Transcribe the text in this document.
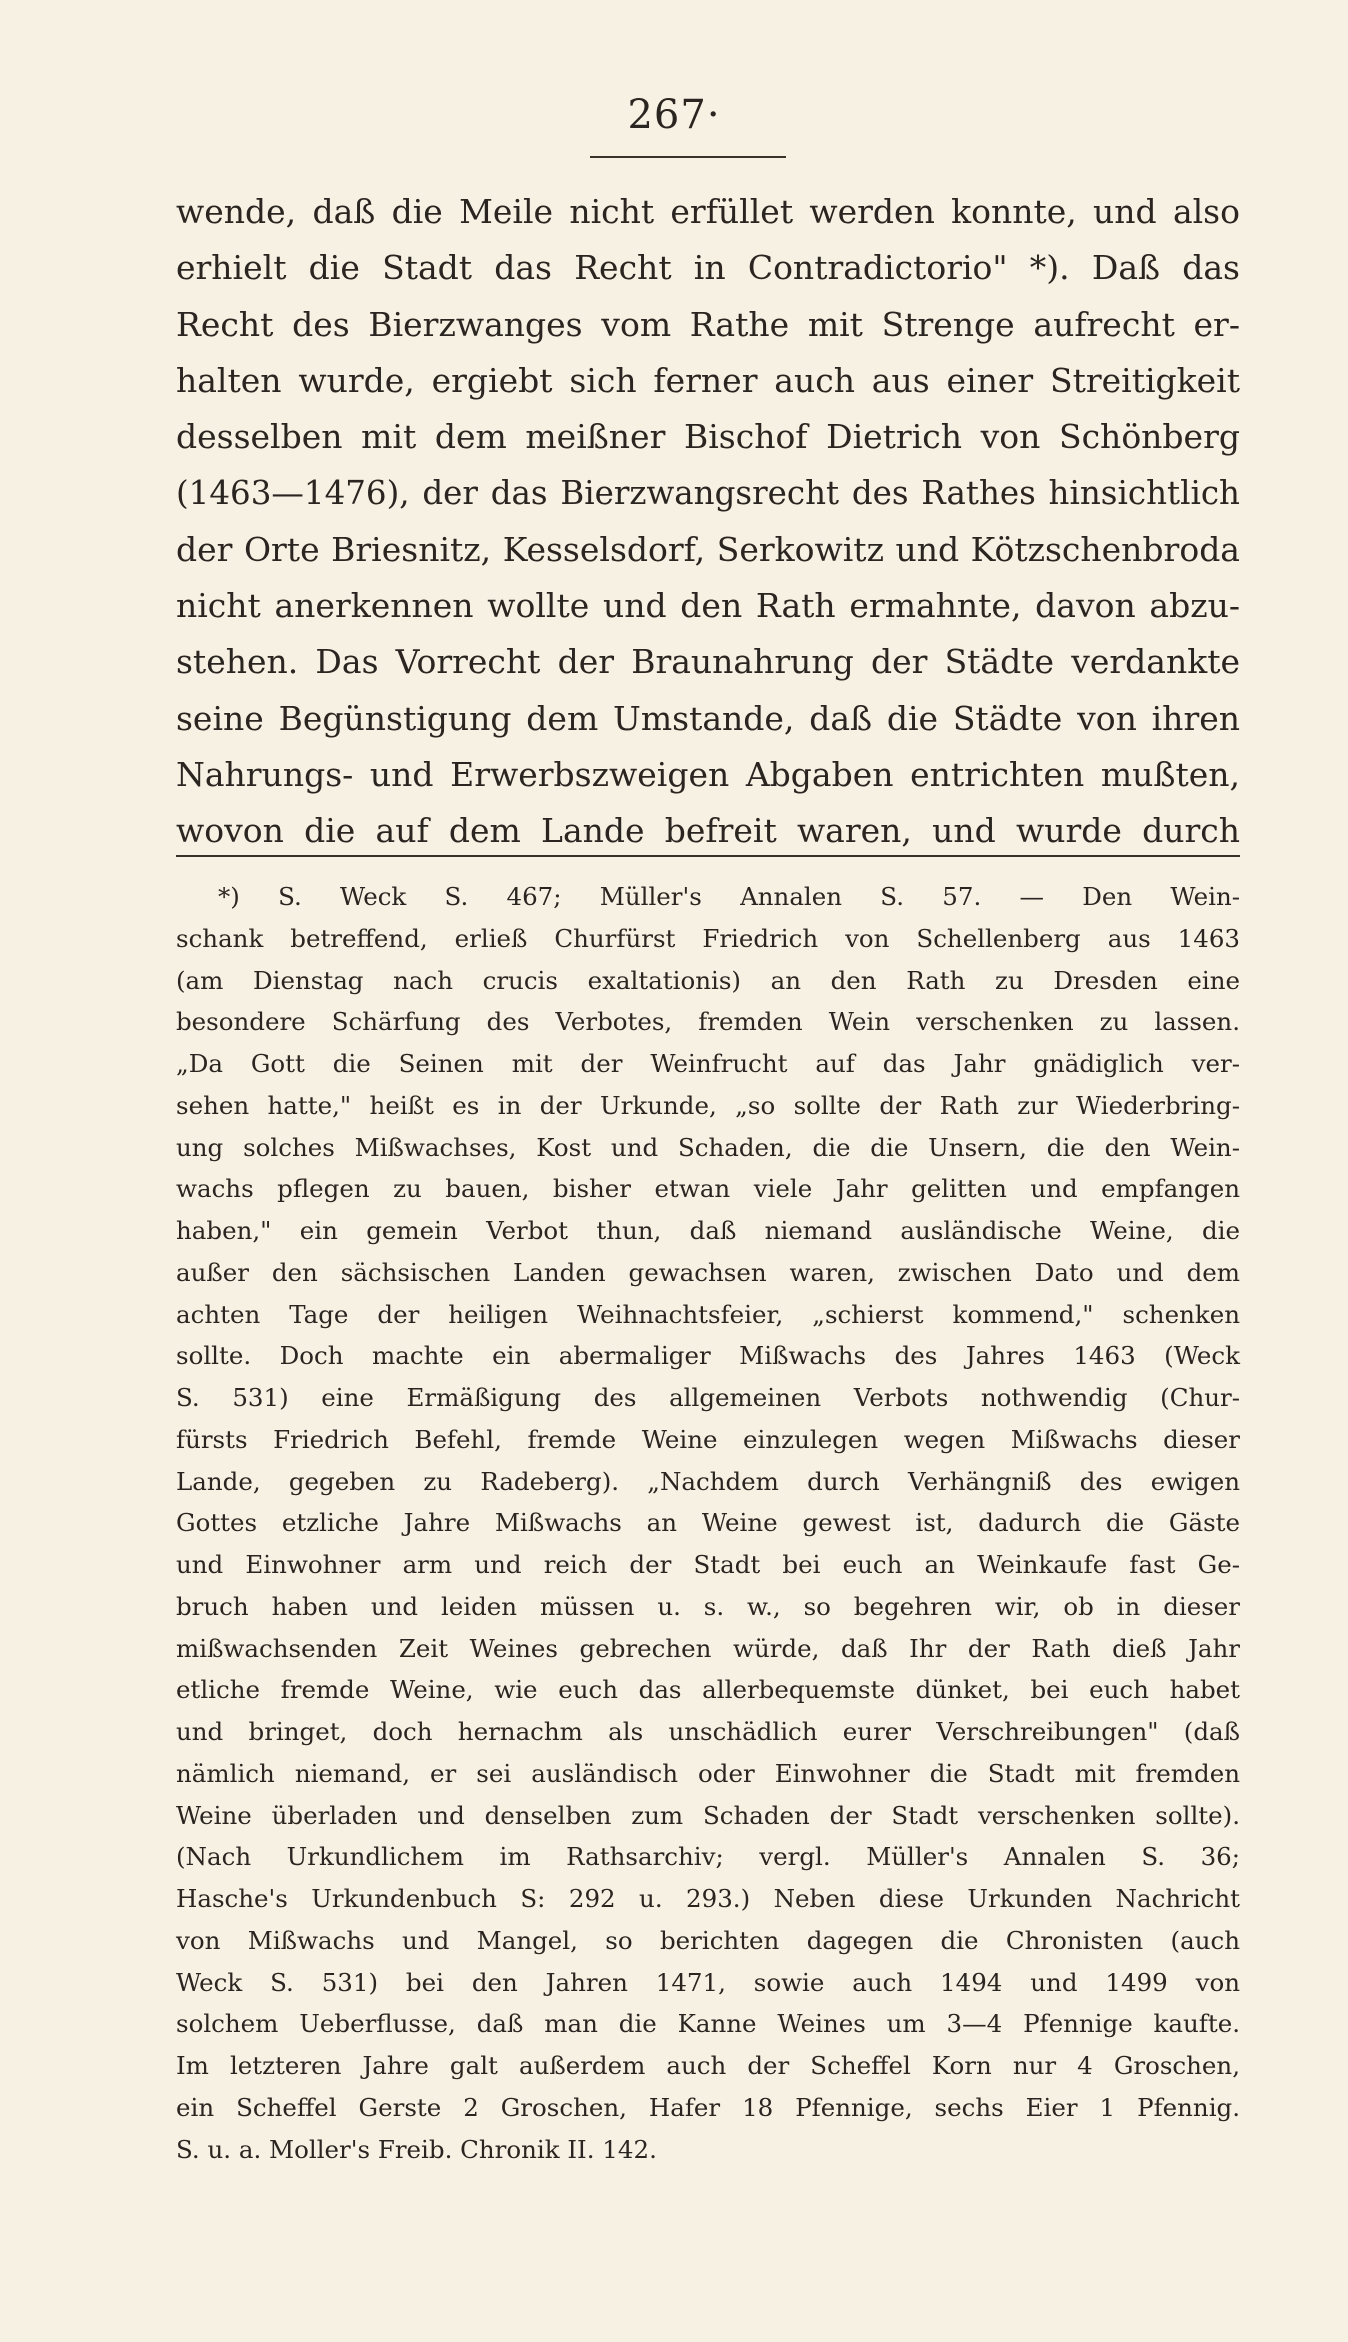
267·
wende, daß die Meile nicht erfüllet werden konnte, und also
erhielt die Stadt das Recht in Contradictorio" *). Daß das
Recht des Bierzwanges vom Rathe mit Strenge aufrecht er-
halten wurde, ergiebt sich ferner auch aus einer Streitigkeit
desselben mit dem meißner Bischof Dietrich von Schönberg
(1463—1476), der das Bierzwangsrecht des Rathes hinsichtlich
der Orte Briesnitz, Kesselsdorf, Serkowitz und Kötzschenbroda
nicht anerkennen wollte und den Rath ermahnte, davon abzu-
stehen. Das Vorrecht der Braunahrung der Städte verdankte
seine Begünstigung dem Umstande, daß die Städte von ihren
Nahrungs- und Erwerbszweigen Abgaben entrichten mußten,
wovon die auf dem Lande befreit waren, und wurde durch
*) S. Weck S. 467; Müller's Annalen S. 57. — Den Wein-
schank betreffend, erließ Churfürst Friedrich von Schellenberg aus 1463
(am Dienstag nach crucis exaltationis) an den Rath zu Dresden eine
besondere Schärfung des Verbotes, fremden Wein verschenken zu lassen.
„Da Gott die Seinen mit der Weinfrucht auf das Jahr gnädiglich ver-
sehen hatte," heißt es in der Urkunde, „so sollte der Rath zur Wiederbring-
ung solches Mißwachses, Kost und Schaden, die die Unsern, die den Wein-
wachs pflegen zu bauen, bisher etwan viele Jahr gelitten und empfangen
haben," ein gemein Verbot thun, daß niemand ausländische Weine, die
außer den sächsischen Landen gewachsen waren, zwischen Dato und dem
achten Tage der heiligen Weihnachtsfeier, „schierst kommend," schenken
sollte. Doch machte ein abermaliger Mißwachs des Jahres 1463 (Weck
S. 531) eine Ermäßigung des allgemeinen Verbots nothwendig (Chur-
fürsts Friedrich Befehl, fremde Weine einzulegen wegen Mißwachs dieser
Lande, gegeben zu Radeberg). „Nachdem durch Verhängniß des ewigen
Gottes etzliche Jahre Mißwachs an Weine gewest ist, dadurch die Gäste
und Einwohner arm und reich der Stadt bei euch an Weinkaufe fast Ge-
bruch haben und leiden müssen u. s. w., so begehren wir, ob in dieser
mißwachsenden Zeit Weines gebrechen würde, daß Ihr der Rath dieß Jahr
etliche fremde Weine, wie euch das allerbequemste dünket, bei euch habet
und bringet, doch hernachm als unschädlich eurer Verschreibungen" (daß
nämlich niemand, er sei ausländisch oder Einwohner die Stadt mit fremden
Weine überladen und denselben zum Schaden der Stadt verschenken sollte).
(Nach Urkundlichem im Rathsarchiv; vergl. Müller's Annalen S. 36;
Hasche's Urkundenbuch S: 292 u. 293.) Neben diese Urkunden Nachricht
von Mißwachs und Mangel, so berichten dagegen die Chronisten (auch
Weck S. 531) bei den Jahren 1471, sowie auch 1494 und 1499 von
solchem Ueberflusse, daß man die Kanne Weines um 3—4 Pfennige kaufte.
Im letzteren Jahre galt außerdem auch der Scheffel Korn nur 4 Groschen,
ein Scheffel Gerste 2 Groschen, Hafer 18 Pfennige, sechs Eier 1 Pfennig.
S. u. a. Moller's Freib. Chronik II. 142.
